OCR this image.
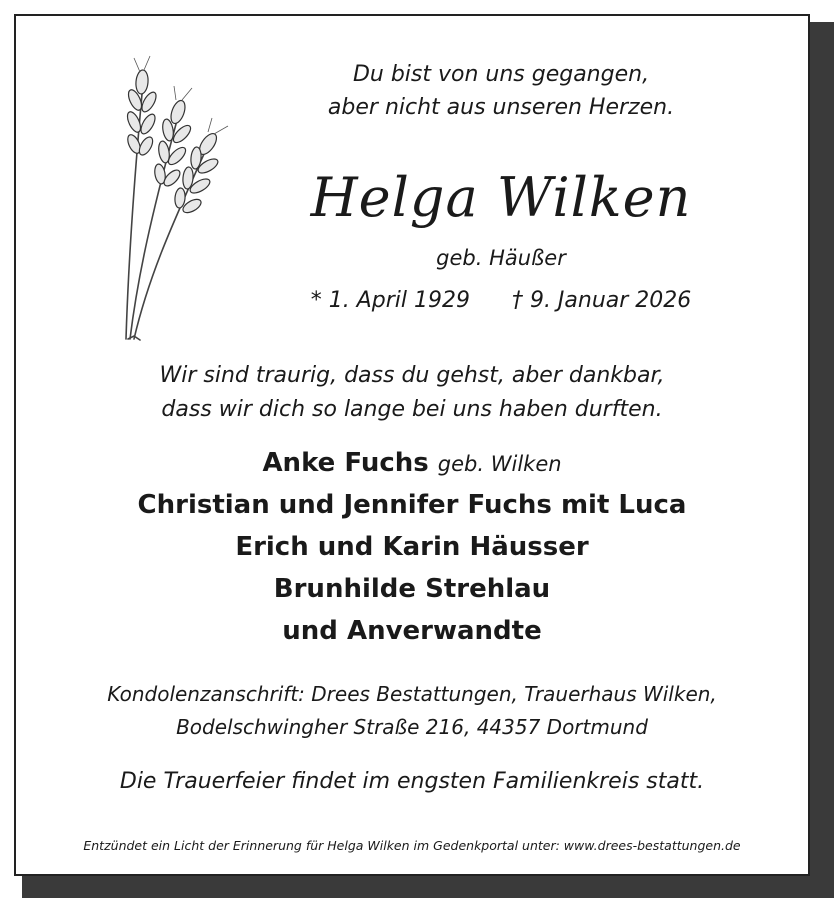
Du bist von uns gegangen,
aber nicht aus unseren Herzen.
Helga Wilken
geb. Häußer
* 1. April 1929 † 9. Januar 2026
Wir sind traurig, dass du gehst, aber dankbar,
dass wir dich so lange bei uns haben durften.
Anke Fuchs geb. Wilken
Christian und Jennifer Fuchs mit Luca
Erich und Karin Häusser
Brunhilde Strehlau
und Anverwandte
Kondolenzanschrift: Drees Bestattungen, Trauerhaus Wilken,
Bodelschwingher Straße 216, 44357 Dortmund
Die Trauerfeier findet im engsten Familienkreis statt.
Entzündet ein Licht der Erinnerung für Helga Wilken im Gedenkportal unter: www.drees-bestattungen.de
